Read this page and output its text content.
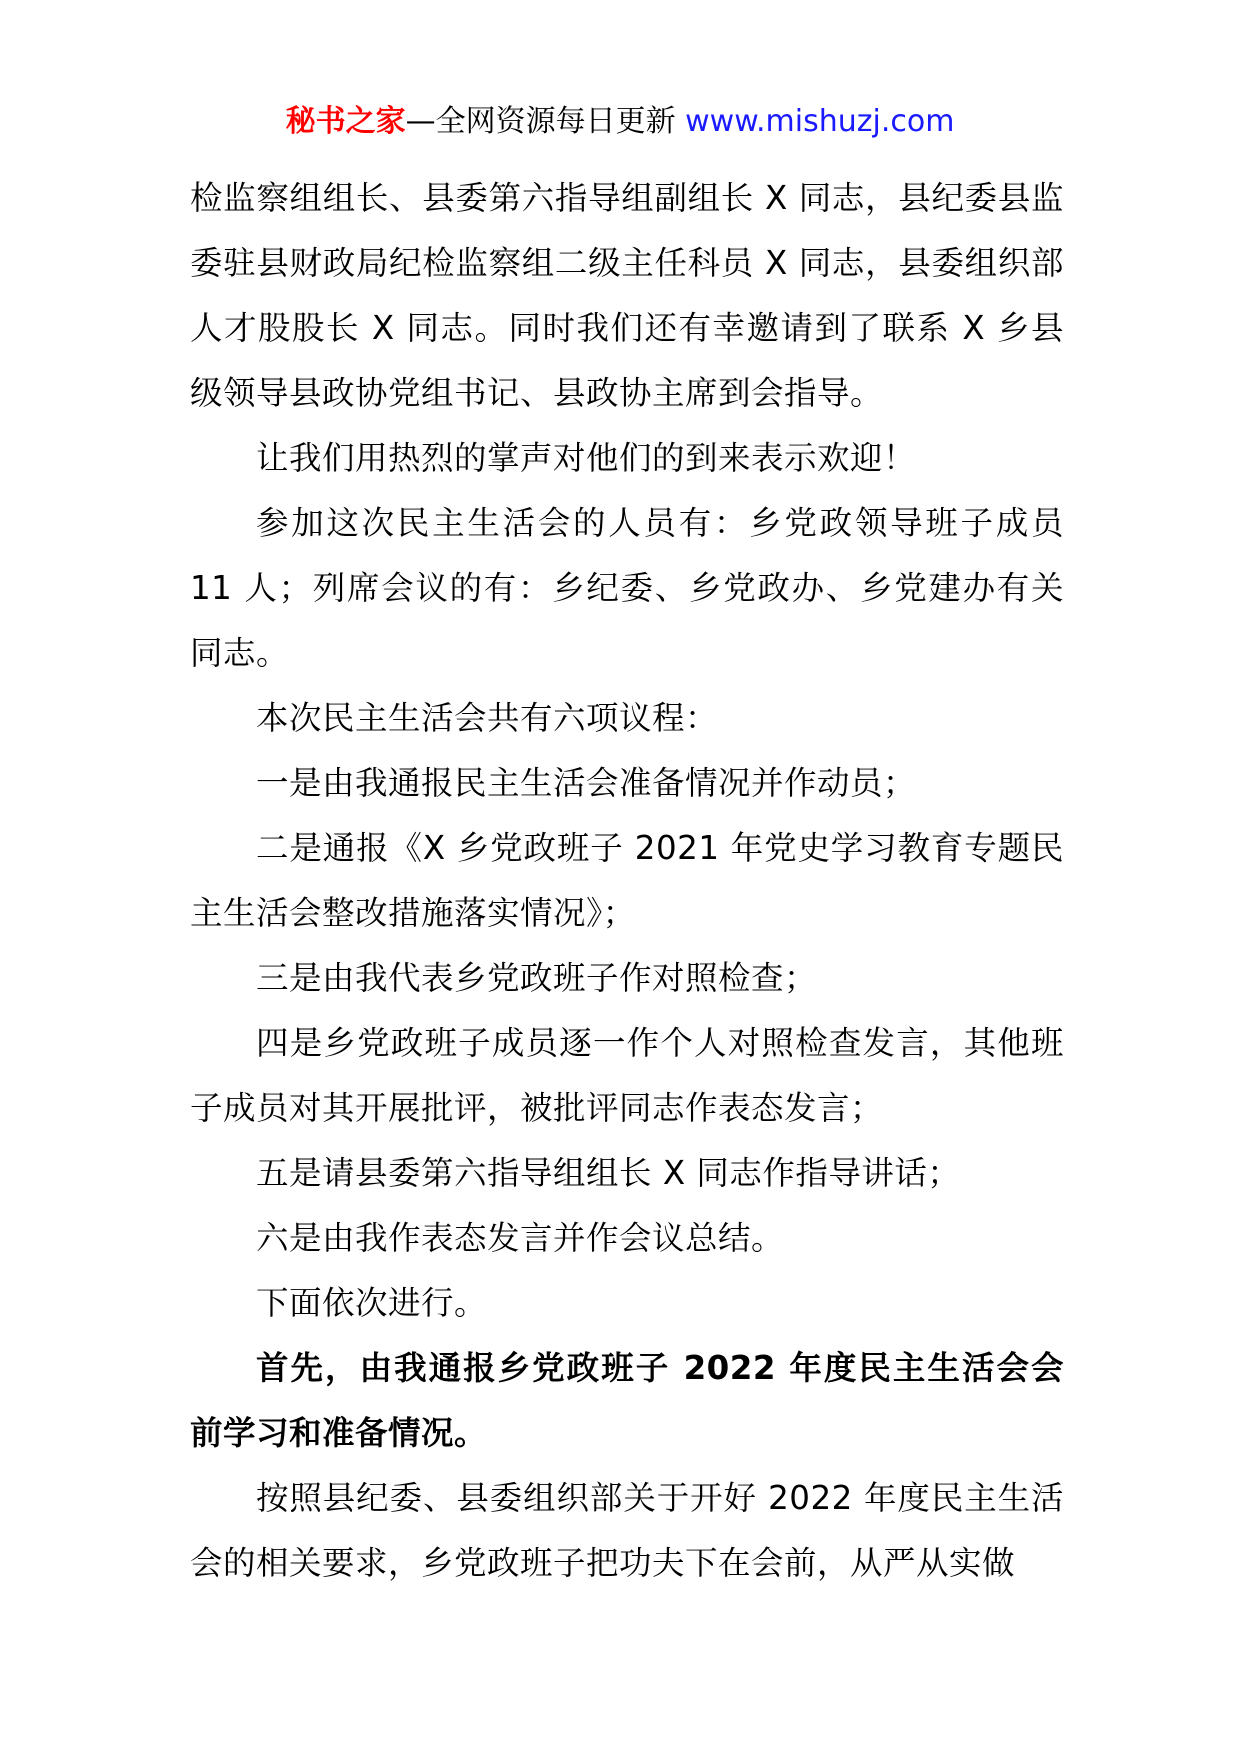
秘书之家—全网资源每日更新 www.mishuzj.com

检监察组组长、县委第六指导组副组长 X 同志，县纪委县监委驻县财政局纪检监察组二级主任科员 X 同志，县委组织部人才股股长 X 同志。同时我们还有幸邀请到了联系 X 乡县级领导县政协党组书记、县政协主席到会指导。

让我们用热烈的掌声对他们的到来表示欢迎！

参加这次民主生活会的人员有：乡党政领导班子成员 11 人；列席会议的有：乡纪委、乡党政办、乡党建办有关同志。

本次民主生活会共有六项议程：

一是由我通报民主生活会准备情况并作动员；

二是通报《X 乡党政班子 2021 年党史学习教育专题民主生活会整改措施落实情况》；

三是由我代表乡党政班子作对照检查；

四是乡党政班子成员逐一作个人对照检查发言，其他班子成员对其开展批评，被批评同志作表态发言；

五是请县委第六指导组组长 X 同志作指导讲话；

六是由我作表态发言并作会议总结。

下面依次进行。

首先，由我通报乡党政班子 2022 年度民主生活会会前学习和准备情况。

按照县纪委、县委组织部关于开好 2022 年度民主生活会的相关要求，乡党政班子把功夫下在会前，从严从实做
